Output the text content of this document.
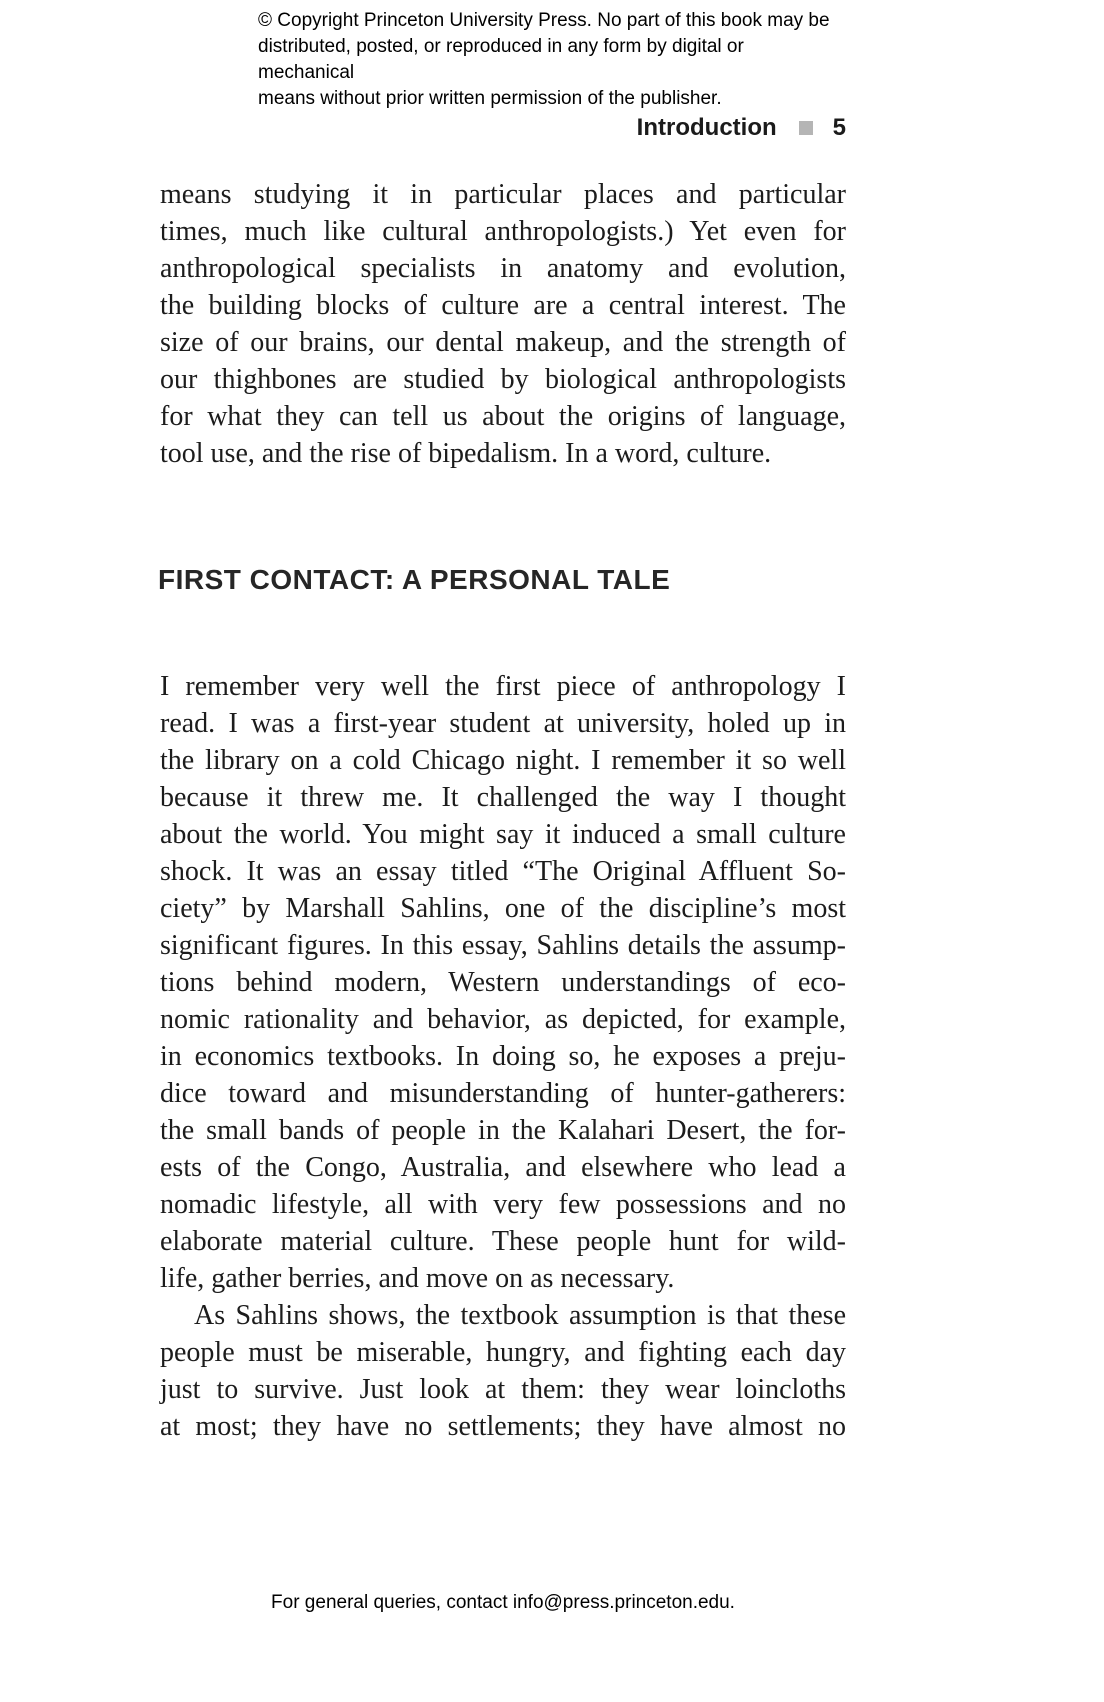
© Copyright Princeton University Press. No part of this book may be
distributed, posted, or reproduced in any form by digital or mechanical
means without prior written permission of the publisher.
Introduction 5
means studying it in particular places and particular
times, much like cultural anthropologists.) Yet even for
anthropological specialists in anatomy and evolution,
the building blocks of culture are a central interest. The
size of our brains, our dental makeup, and the strength of
our thighbones are studied by biological anthropologists
for what they can tell us about the origins of language,
tool use, and the rise of bipedalism. In a word, culture.
FIRST CONTACT: A PERSONAL TALE
I remember very well the first piece of anthropology I
read. I was a first-year student at university, holed up in
the library on a cold Chicago night. I remember it so well
because it threw me. It challenged the way I thought
about the world. You might say it induced a small culture
shock. It was an essay titled “The Original Affluent So-
ciety” by Marshall Sahlins, one of the discipline’s most
significant figures. In this essay, Sahlins details the assump-
tions behind modern, Western understandings of eco-
nomic rationality and behavior, as depicted, for example,
in economics textbooks. In doing so, he exposes a preju-
dice toward and misunderstanding of hunter-gatherers:
the small bands of people in the Kalahari Desert, the for-
ests of the Congo, Australia, and elsewhere who lead a
nomadic lifestyle, all with very few possessions and no
elaborate material culture. These people hunt for wild-
life, gather berries, and move on as necessary.
As Sahlins shows, the textbook assumption is that these
people must be miserable, hungry, and fighting each day
just to survive. Just look at them: they wear loincloths
at most; they have no settlements; they have almost no
For general queries, contact info@press.princeton.edu.
